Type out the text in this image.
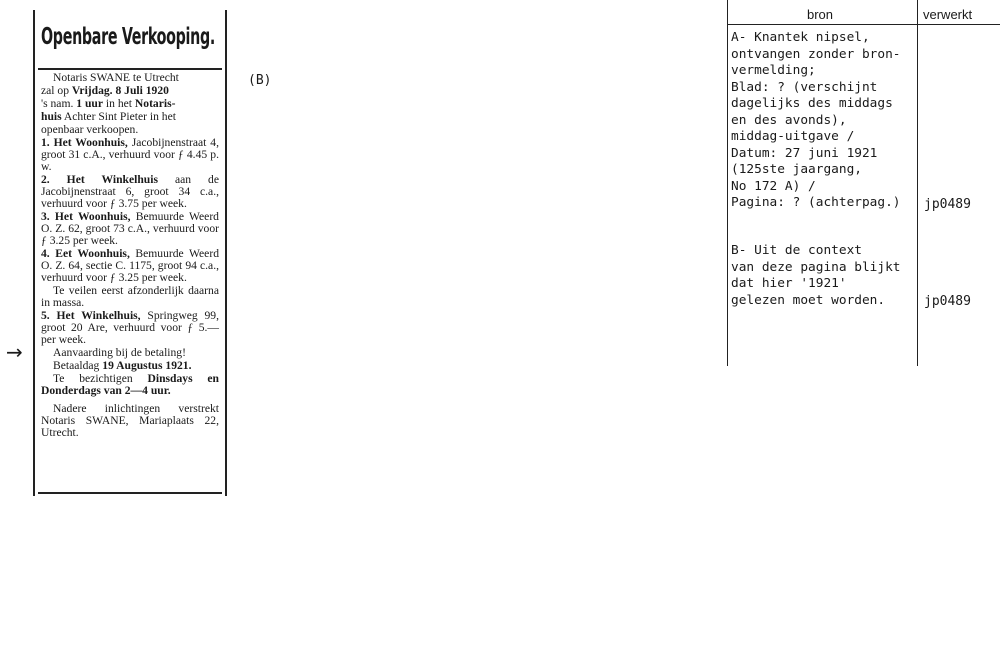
Openbare Verkooping.

Notaris SWANE te Utrecht

zal op Vrijdag. 8 Juli 1920

's nam. 1 uur in het Notaris-

huis Achter Sint Pieter in het

openbaar verkoopen.

1. Het Woonhuis, Jacobijnenstraat 4, groot 31 c.A., verhuurd voor ƒ 4.45 p. w.

2. Het Winkelhuis aan de Jacobijnenstraat 6, groot 34 c.a., verhuurd voor ƒ 3.75 per week.

3. Het Woonhuis, Bemuurde Weerd O. Z. 62, groot 73 c.A., verhuurd voor ƒ 3.25 per week.

4. Eet Woonhuis, Bemuurde Weerd O. Z. 64, sectie C. 1175, groot 94 c.a., verhuurd voor ƒ 3.25 per week.

Te veilen eerst afzonderlijk daarna in massa.

5. Het Winkelhuis, Springweg 99, groot 20 Are, verhuurd voor ƒ 5.— per week.

Aanvaarding bij de betaling!

Betaaldag 19 Augustus 1921.

Te bezichtigen Dinsdays en Donderdags van 2—4 uur.

Nadere inlichtingen verstrekt Notaris SWANE, Mariaplaats 22, Utrecht.

→
(B)
bron	verwerkt
A- Knantek nipsel,
ontvangen zonder bron-
vermelding;
Blad: ? (verschijnt
dagelijks des middags
en des avonds),
middag-uitgave /
Datum: 27 juni 1921
(125ste jaargang,
No 172 A) /
Pagina: ? (achterpag.)	jp0489
B- Uit de context
van deze pagina blijkt
dat hier '1921'
gelezen moet worden.	jp0489
